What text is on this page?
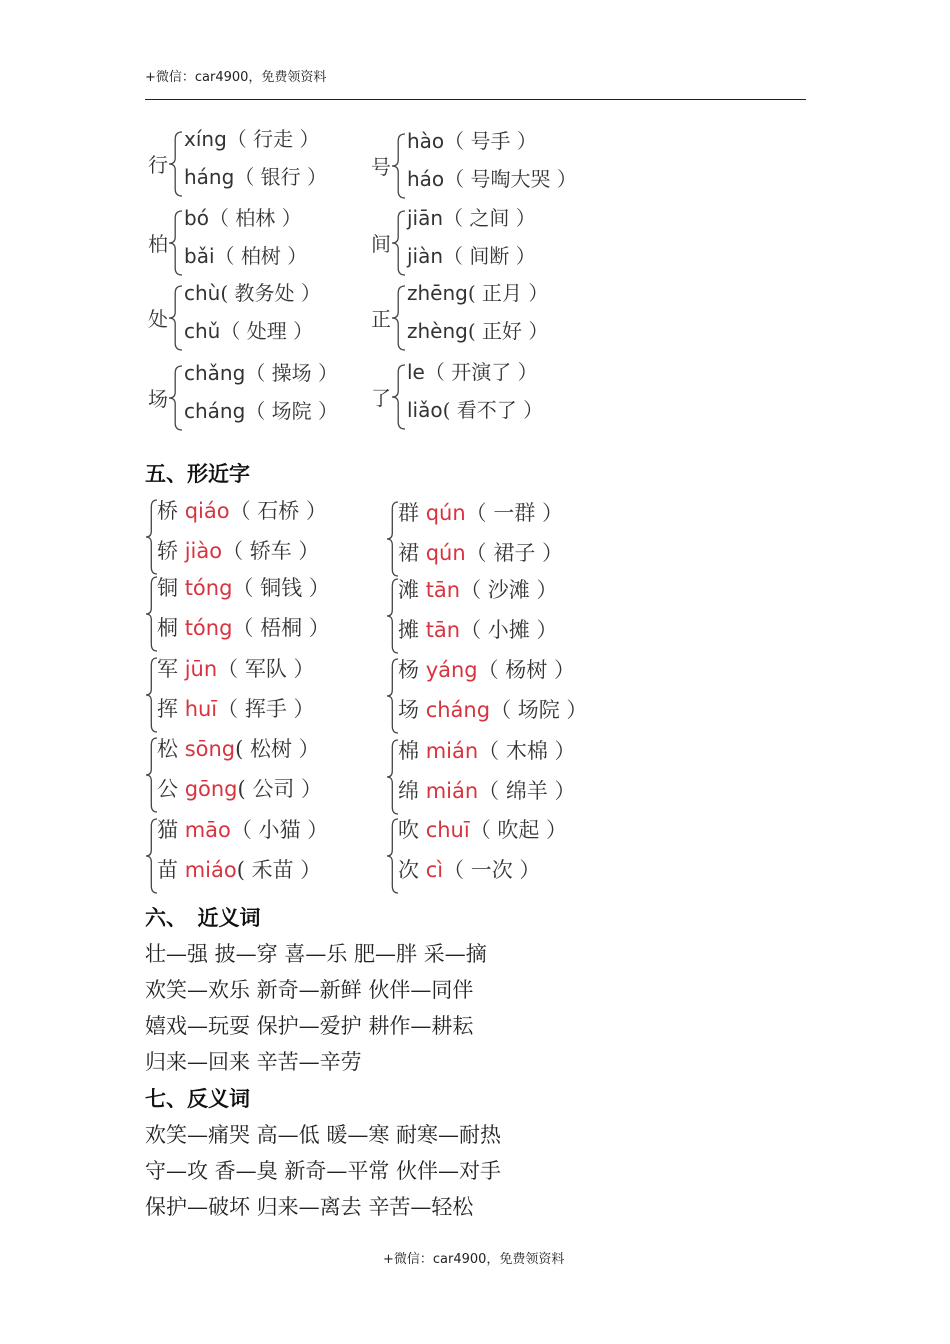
+微信：car4900，免费领资料
行
xíng（ 行走 ）
háng（ 银行 ） 号
hào（ 号手 ）
háo（ 号啕大哭 ）
柏
bó（ 柏林 ）
bǎi（ 柏树 ）	间
jiān（ 之间 ）
jiàn（ 间断 ）
处
chù( 教务处 ）
chǔ（ 处理 ）	正
zhēng( 正月 ）
zhèng( 正好 ）
场
chǎng（ 操场 ）
cháng（ 场院 ）
了
le（ 开演了 ）
liǎo( 看不了 ）
五、形近字
桥 qiáo（ 石桥 ）
轿 jiào（ 轿车 ）
群 qún（ 一群 ）
裙 qún（ 裙子 ）
铜 tóng（ 铜钱 ）
桐 tóng（ 梧桐 ）
滩 tān（ 沙滩 ）
摊 tān（ 小摊 ）
军 jūn（ 军队 ）
挥 huī（ 挥手 ）
杨 yáng（ 杨树 ）
场 cháng（ 场院 ）
松 sōng( 松树 ）
公 gōng( 公司 ）
棉 mián（ 木棉 ）
绵 mián（ 绵羊 ）
猫 māo（ 小猫 ）
苗 miáo( 禾苗 ）
吹 chuī（ 吹起 ）
次 cì（ 一次 ）
六、　近义词
壮—强 披—穿 喜—乐 肥—胖 采—摘
欢笑—欢乐 新奇—新鲜 伙伴—同伴
嬉戏—玩耍 保护—爱护 耕作—耕耘
归来—回来 辛苦—辛劳
七、反义词
欢笑—痛哭 高—低 暖—寒 耐寒—耐热
守—攻 香—臭 新奇—平常 伙伴—对手
保护—破坏 归来—离去 辛苦—轻松
+微信：car4900，免费领资料
